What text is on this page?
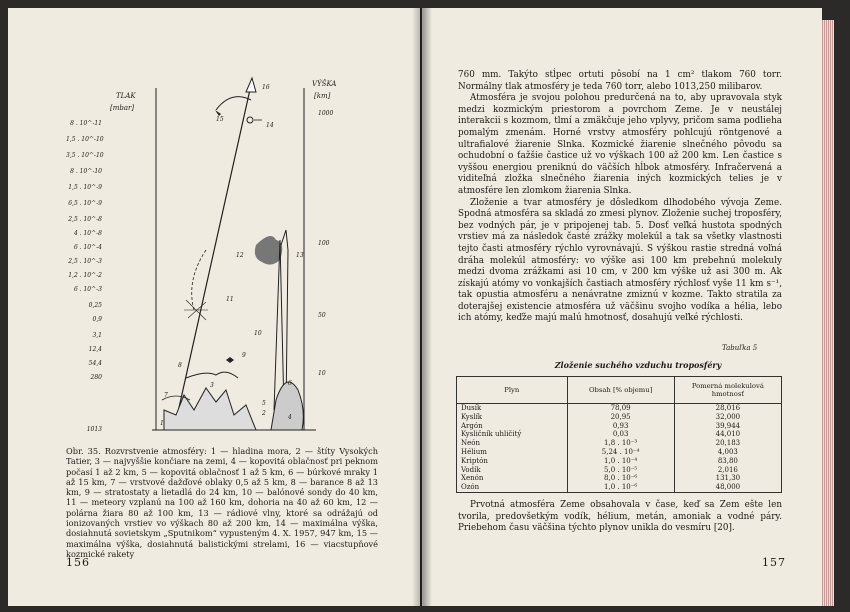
TLAK
[mbar]
VÝŠKA
[km]
8 . 10^-11
1,5 . 10^-10
3,5 . 10^-10
8 . 10^-10
1,5 . 10^-9
6,5 . 10^-9
2,5 . 10^-8
4 . 10^-8
6 . 10^-4
2,5 . 10^-3
1,2 . 10^-2
6 . 10^-3
0,25
0,9
3,1
12,4
54,4
280
1013
1000
100
50
10
1
2
3
4
5
6
7
8
9
10
11
12	13
14
15
16
Obr. 35. Rozvrstvenie atmosféry: 1 — hladina mora, 2 — štíty Vysokých Tatier, 3 — najvyššie končiare na zemi, 4 — kopovitá oblačnosť pri peknom počasí 1 až 2 km, 5 — kopovitá oblačnosť 1 až 5 km, 6 — búrkové mraky 1 až 15 km, 7 — vrstvové dažďové oblaky 0,5 až 5 km, 8 — barance 8 až 13 km, 9 — stratostaty a lietadlá do 24 km, 10 — balónové sondy do 40 km, 11 — meteory vzplanú na 100 až 160 km, dohoria na 40 až 60 km, 12 — polárna žiara 80 až 100 km, 13 — rádiové vlny, ktoré sa odrážajú od ionizovaných vrstiev vo výškach 80 až 200 km, 14 — maximálna výška, dosiahnutá sovietskym „Sputnikom“ vypusteným 4. X. 1957, 947 km, 15 — maximálna výška, dosiahnutá balistickými strelami, 16 — viacstupňové kozmické rakety
156

760 mm. Takýto stĺpec ortuti pôsobí na 1 cm² tlakom 760 torr. Normálny tlak atmosféry je teda 760 torr, alebo 1013,250 milibarov.

Atmosféra je svojou polohou predurčená na to, aby upravovala styk medzi kozmickým priestorom a povrchom Zeme. Je v neustálej interakcii s kozmom, tlmí a zmäkčuje jeho vplyvy, pričom sama podlieha pomalým zmenám. Horné vrstvy atmosféry pohlcujú röntgenové a ultrafialové žiarenie Slnka. Kozmické žiarenie slnečného pôvodu sa ochudobní o ťažšie častice už vo výškach 100 až 200 km. Len častice s vyššou energiou preniknú do väčších hĺbok atmosféry. Infračervená a viditeľná zložka slnečného žiarenia iných kozmických telies je v atmosfére len zlomkom žiarenia Slnka.

Zloženie a tvar atmosféry je dôsledkom dlhodobého vývoja Zeme. Spodná atmosféra sa skladá zo zmesi plynov. Zloženie suchej troposféry, bez vodných pár, je v pripojenej tab. 5. Dosť veľká hustota spodných vrstiev má za následok časté zrážky molekúl a tak sa všetky vlastnosti tejto časti atmosféry rýchlo vyrovnávajú. S výškou rastie stredná voľná dráha molekúl atmosféry: vo výške asi 100 km prebehnú molekuly medzi dvoma zrážkami asi 10 cm, v 200 km výške už asi 300 m. Ak získajú atómy vo vonkajších častiach atmosféry rýchlosť vyše 11 km s⁻¹, tak opustia atmosféru a nenávratne zmiznú v kozme. Takto stratila za doterajšej existencie atmosféra už väčšinu svojho vodíka a hélia, lebo ich atómy, keďže majú malú hmotnosť, dosahujú veľké rýchlosti.

Tabuľka 5
Zloženie suchého vzduchu troposféry
Plyn	Obsah [% objemu]	Pomerná molekulová hmotnosť
Dusík	78,09	28,016
Kyslík	20,95	32,000
Argón	0,93	39,944
Kysličník uhličitý	0,03	44,010
Neón	1,8 . 10⁻³	20,183
Hélium	5,24 . 10⁻⁴	4,003
Kriptón	1,0 . 10⁻⁴	83,80
Vodík	5,0 . 10⁻⁵	2,016
Xenón	8,0 . 10⁻⁶	131,30
Ozón	1,0 . 10⁻⁶	48,000

Prvotná atmosféra Zeme obsahovala v čase, keď sa Zem ešte len tvorila, predovšetkým vodík, hélium, metán, amoniak a vodné páry. Priebehom času väčšina týchto plynov unikla do vesmíru [20].

157
